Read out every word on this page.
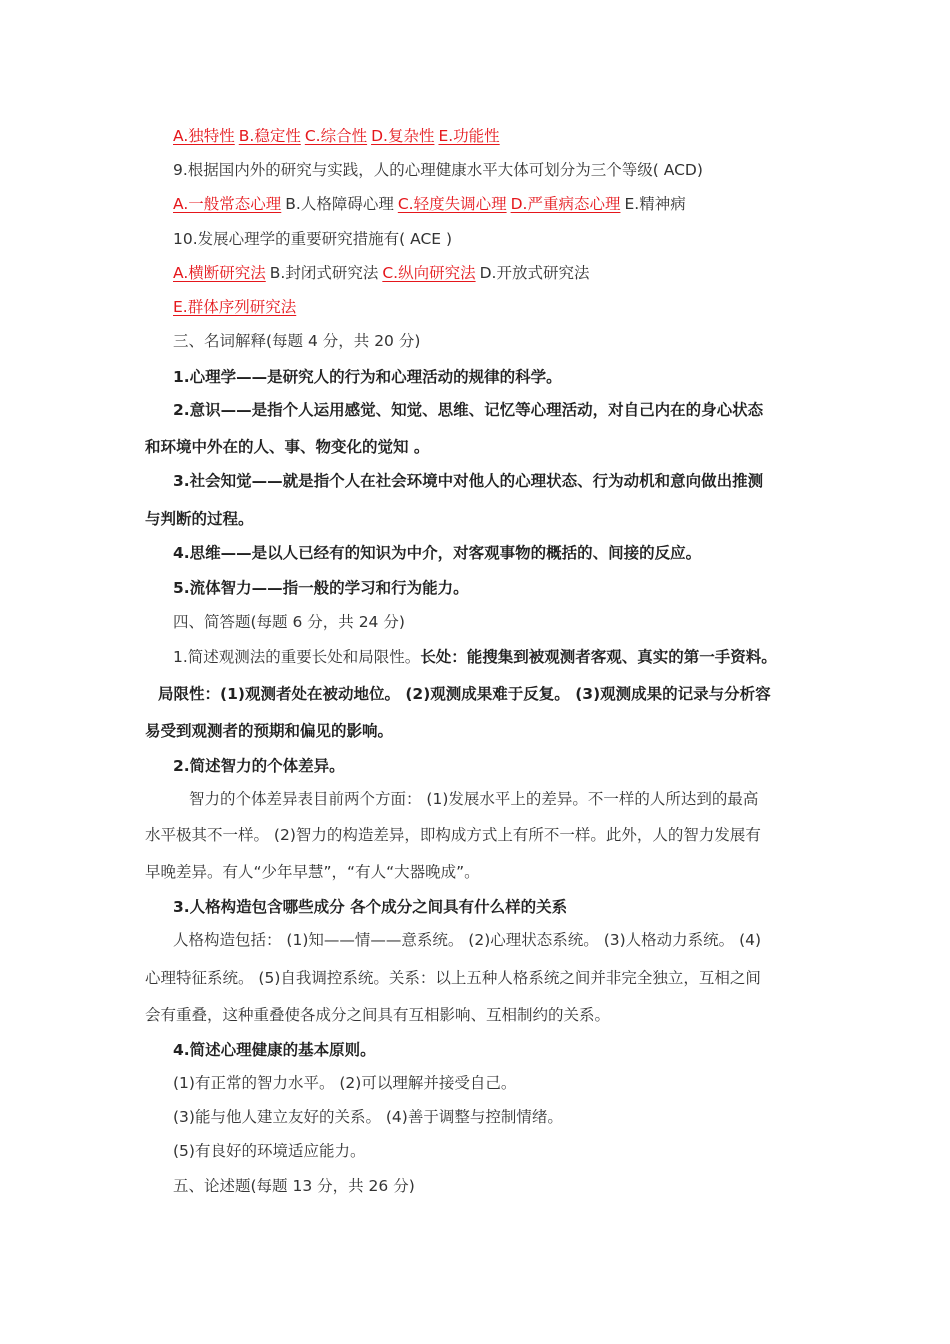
A.独特性 B.稳定性 C.综合性 D.复杂性 E.功能性
9.根据国内外的研究与实践，人的心理健康水平大体可划分为三个等级( ACD)
A.一般常态心理 B.人格障碍心理 C.轻度失调心理 D.严重病态心理 E.精神病
10.发展心理学的重要研究措施有( ACE )
A.横断研究法 B.封闭式研究法 C.纵向研究法 D.开放式研究法
E.群体序列研究法
三、名词解释(每题 4 分，共 20 分)
1.心理学——是研究人的行为和心理活动的规律的科学。
2.意识——是指个人运用感觉、知觉、思维、记忆等心理活动，对自己内在的身心状态
和环境中外在的人、事、物变化的觉知 。
3.社会知觉——就是指个人在社会环境中对他人的心理状态、行为动机和意向做出推测
与判断的过程。
4.思维——是以人已经有的知识为中介，对客观事物的概括的、间接的反应。
5.流体智力——指一般的学习和行为能力。
四、简答题(每题 6 分，共 24 分)
1.简述观测法的重要长处和局限性。长处：能搜集到被观测者客观、真实的第一手资料。
局限性：(1)观测者处在被动地位。 (2)观测成果难于反复。 (3)观测成果的记录与分析容
易受到观测者的预期和偏见的影响。
2.简述智力的个体差异。
智力的个体差异表目前两个方面： (1)发展水平上的差异。不一样的人所达到的最高
水平极其不一样。 (2)智力的构造差异，即构成方式上有所不一样。此外，人的智力发展有
早晚差异。有人“少年早慧”，“有人“大器晚成”。
3.人格构造包含哪些成分 各个成分之间具有什么样的关系
人格构造包括： (1)知——情——意系统。 (2)心理状态系统。 (3)人格动力系统。 (4)
心理特征系统。 (5)自我调控系统。关系：以上五种人格系统之间并非完全独立，互相之间
会有重叠，这种重叠使各成分之间具有互相影响、互相制约的关系。
4.简述心理健康的基本原则。
(1)有正常的智力水平。 (2)可以理解并接受自己。
(3)能与他人建立友好的关系。 (4)善于调整与控制情绪。
(5)有良好的环境适应能力。
五、论述题(每题 13 分，共 26 分)
